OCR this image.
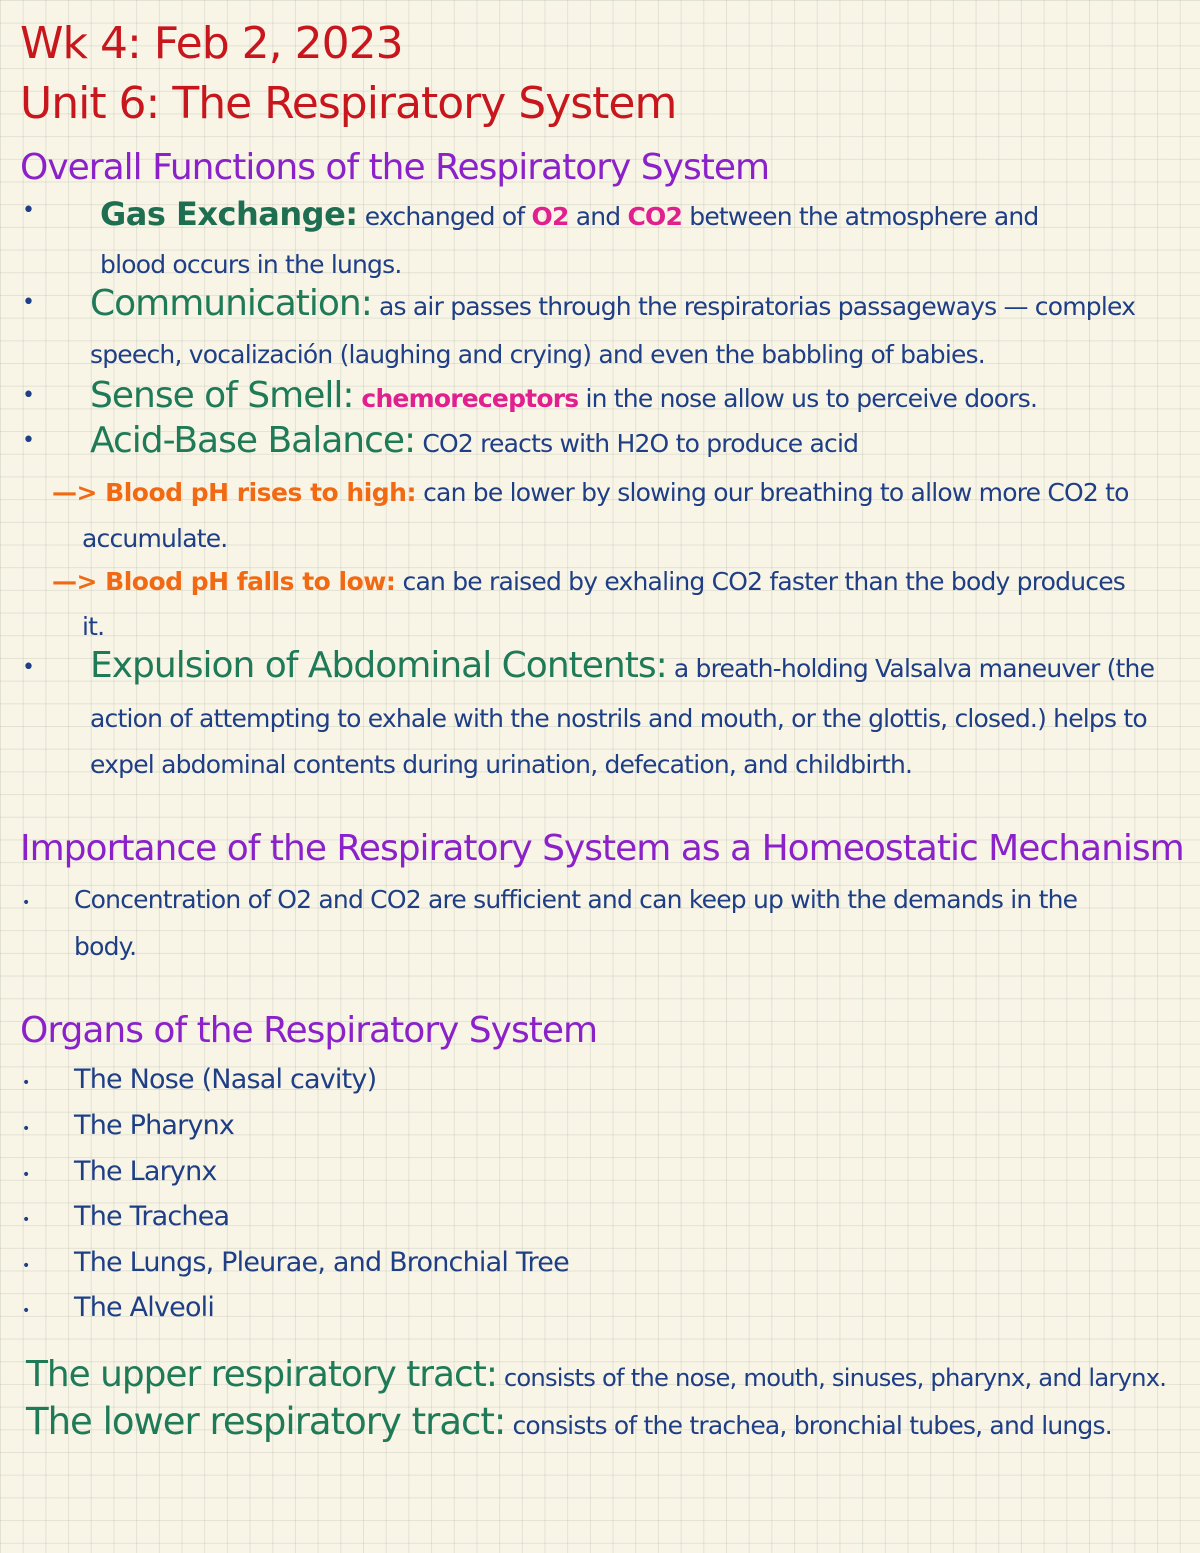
Wk 4: Feb 2, 2023
Unit 6: The Respiratory System
Overall Functions of the Respiratory System
• Gas Exchange: exchanged of O2 and CO2 between the atmosphere and
blood occurs in the lungs.
• Communication: as air passes through the respiratorias passageways — complex
speech, vocalización (laughing and crying) and even the babbling of babies.
• Sense of Smell: chemoreceptors in the nose allow us to perceive doors.
• Acid-Base Balance: CO2 reacts with H2O to produce acid
—> Blood pH rises to high: can be lower by slowing our breathing to allow more CO2 to
accumulate.
—> Blood pH falls to low: can be raised by exhaling CO2 faster than the body produces
it.
• Expulsion of Abdominal Contents: a breath-holding Valsalva maneuver (the
action of attempting to exhale with the nostrils and mouth, or the glottis, closed.) helps to
expel abdominal contents during urination, defecation, and childbirth.
Importance of the Respiratory System as a Homeostatic Mechanism
• Concentration of O2 and CO2 are sufficient and can keep up with the demands in the
body.
Organs of the Respiratory System
• The Nose (Nasal cavity)
• The Pharynx
• The Larynx
• The Trachea
• The Lungs, Pleurae, and Bronchial Tree
• The Alveoli
The upper respiratory tract: consists of the nose, mouth, sinuses, pharynx, and larynx.
The lower respiratory tract: consists of the trachea, bronchial tubes, and lungs.
